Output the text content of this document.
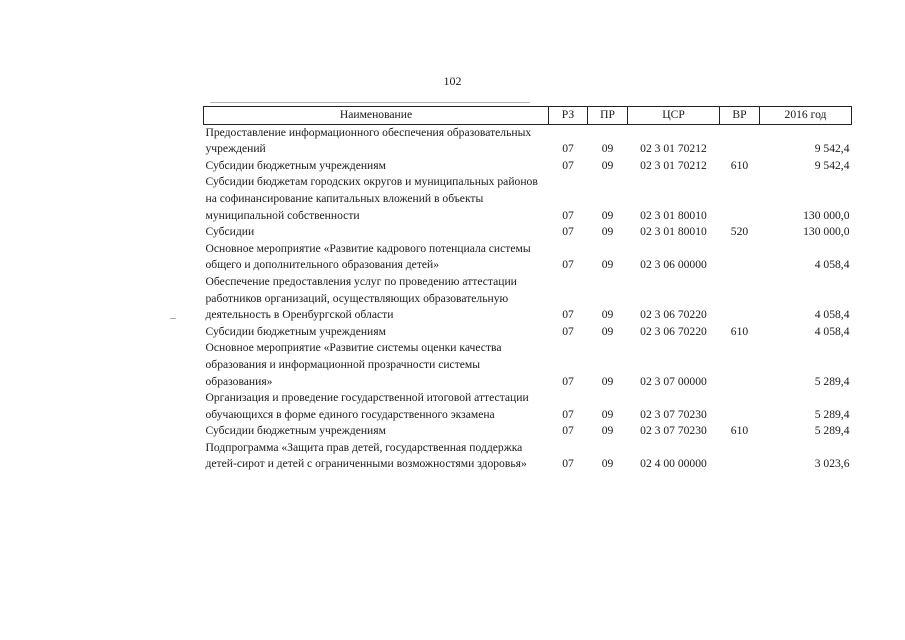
102
Наименование	РЗ	ПР	ЦСР	ВР	2016 год
Предоставление информационного обеспечения образовательных учреждений	07	09	02 3 01 70212		9 542,4
Субсидии бюджетным учреждениям	07	09	02 3 01 70212	610	9 542,4
Субсидии бюджетам городских округов и муниципальных районов на софинансирование капитальных вложений в объекты муниципальной собственности	07	09	02 3 01 80010		130 000,0
Субсидии	07	09	02 3 01 80010	520	130 000,0
Основное мероприятие «Развитие кадрового потенциала системы общего и дополнительного образования детей»	07	09	02 3 06 00000		4 058,4
Обеспечение предоставления услуг по проведению аттестации работников организаций, осуществляющих образовательную деятельность в Оренбургской области	07	09	02 3 06 70220		4 058,4
Субсидии бюджетным учреждениям	07	09	02 3 06 70220	610	4 058,4
Основное мероприятие «Развитие системы оценки качества образования и информационной прозрачности системы образования»	07	09	02 3 07 00000		5 289,4
Организация и проведение государственной итоговой аттестации обучающихся в форме единого государственного экзамена	07	09	02 3 07 70230		5 289,4
Субсидии бюджетным учреждениям	07	09	02 3 07 70230	610	5 289,4
Подпрограмма «Защита прав детей, государственная поддержка детей-сирот и детей с ограниченными возможностями здоровья»	07	09	02 4 00 00000		3 023,6
